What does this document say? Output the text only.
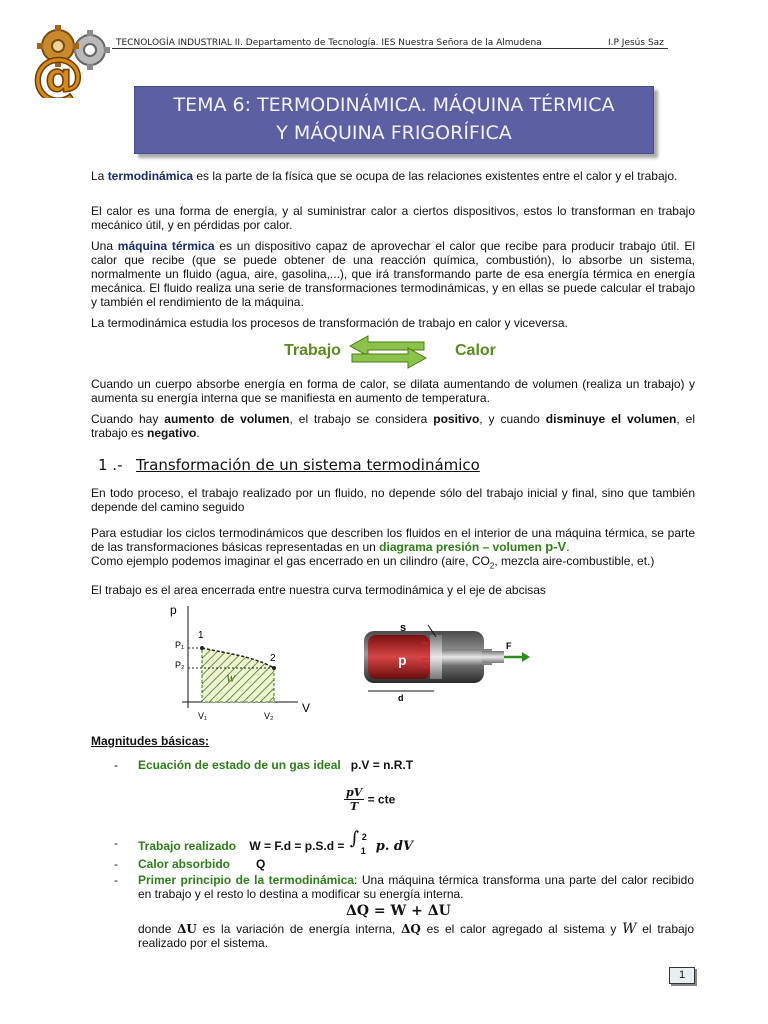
@
TECNOLOGÍA INDUSTRIAL II. Departamento de Tecnología. IES Nuestra Señora de la Almudena	I.P Jesús Saz
TEMA 6: TERMODINÁMICA. MÁQUINA TÉRMICA
Y MÁQUINA FRIGORÍFICA

La termodinámica es la parte de la física que se ocupa de las relaciones existentes entre el calor y el trabajo.

El calor es una forma de energía, y al suministrar calor a ciertos dispositivos, estos lo transforman en trabajo mecánico útil, y en pérdidas por calor.

Una máquina térmica es un dispositivo capaz de aprovechar el calor que recibe para producir trabajo útil. El calor que recibe (que se puede obtener de una reacción química, combustión), lo absorbe un sistema, normalmente un fluido (agua, aire, gasolina,...), que irá transformando parte de esa energía térmica en energía mecánica. El fluido realiza una serie de transformaciones termodinámicas, y en ellas se puede calcular el trabajo y también el rendimiento de la máquina.

La termodinámica estudia los procesos de transformación de trabajo en calor y viceversa.

Trabajo	Calor

Cuando un cuerpo absorbe energía en forma de calor, se dilata aumentando de volumen (realiza un trabajo) y aumenta su energía interna que se manifiesta en aumento de temperatura.

Cuando hay aumento de volumen, el trabajo se considera positivo, y cuando disminuye el volumen, el trabajo es negativo.

1 .- Transformación de un sistema termodinámico

En todo proceso, el trabajo realizado por un fluido, no depende sólo del trabajo inicial y final, sino que también depende del camino seguido

Para estudiar los ciclos termodinámicos que describen los fluidos en el interior de una máquina térmica, se parte de las transformaciones básicas representadas en un diagrama presión – volumen p-V.
Como ejemplo podemos imaginar el gas encerrado en un cilindro (aire, $CO_2$, mezcla aire-combustible, et.)

El trabajo es el area encerrada entre nuestra curva termodinámica y el eje de abcisas

p
V
P₁
P₂
V₁	V₂
1
2
W
s
p
d
F
Magnitudes básicas:
- Ecuación de estado de un gas ideal p.V = n.R.T
$\frac{pV}{T}$ = cte
- Trabajo realizado W = F.d = p.S.d = ∫ 2
1 p. dV
- Calor absorbido Q
- Primer principio de la termodinámica: Una máquina térmica transforma una parte del calor recibido en trabajo y el resto lo destina a modificar su energía interna.
ΔQ = W + ΔU

donde ΔU es la variación de energía interna, ΔQ es el calor agregado al sistema y W el trabajo realizado por el sistema.

1
